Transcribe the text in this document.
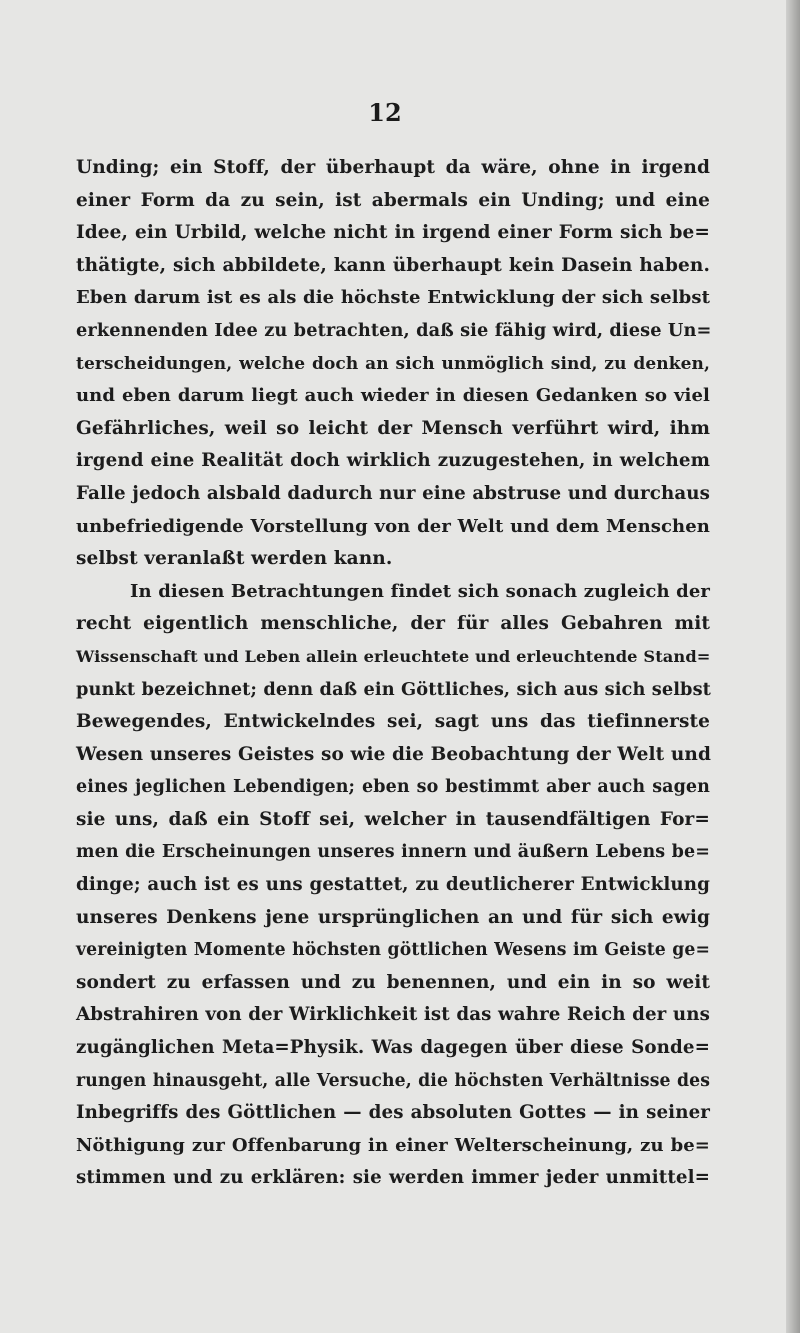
12
Unding; ein Stoff, der überhaupt da wäre, ohne in irgend
einer Form da zu sein, ist abermals ein Unding; und eine
Idee, ein Urbild, welche nicht in irgend einer Form sich be=
thätigte, sich abbildete, kann überhaupt kein Dasein haben.
Eben darum ist es als die höchste Entwicklung der sich selbst
erkennenden Idee zu betrachten, daß sie fähig wird, diese Un=
terscheidungen, welche doch an sich unmöglich sind, zu denken,
und eben darum liegt auch wieder in diesen Gedanken so viel
Gefährliches, weil so leicht der Mensch verführt wird, ihm
irgend eine Realität doch wirklich zuzugestehen, in welchem
Falle jedoch alsbald dadurch nur eine abstruse und durchaus
unbefriedigende Vorstellung von der Welt und dem Menschen
selbst veranlaßt werden kann.
In diesen Betrachtungen findet sich sonach zugleich der
recht eigentlich menschliche, der für alles Gebahren mit
Wissenschaft und Leben allein erleuchtete und erleuchtende Stand=
punkt bezeichnet; denn daß ein Göttliches, sich aus sich selbst
Bewegendes, Entwickelndes sei, sagt uns das tiefinnerste
Wesen unseres Geistes so wie die Beobachtung der Welt und
eines jeglichen Lebendigen; eben so bestimmt aber auch sagen
sie uns, daß ein Stoff sei, welcher in tausendfältigen For=
men die Erscheinungen unseres innern und äußern Lebens be=
dinge; auch ist es uns gestattet, zu deutlicherer Entwicklung
unseres Denkens jene ursprünglichen an und für sich ewig
vereinigten Momente höchsten göttlichen Wesens im Geiste ge=
sondert zu erfassen und zu benennen, und ein in so weit
Abstrahiren von der Wirklichkeit ist das wahre Reich der uns
zugänglichen Meta=Physik. Was dagegen über diese Sonde=
rungen hinausgeht, alle Versuche, die höchsten Verhältnisse des
Inbegriffs des Göttlichen — des absoluten Gottes — in seiner
Nöthigung zur Offenbarung in einer Welterscheinung, zu be=
stimmen und zu erklären: sie werden immer jeder unmittel=
